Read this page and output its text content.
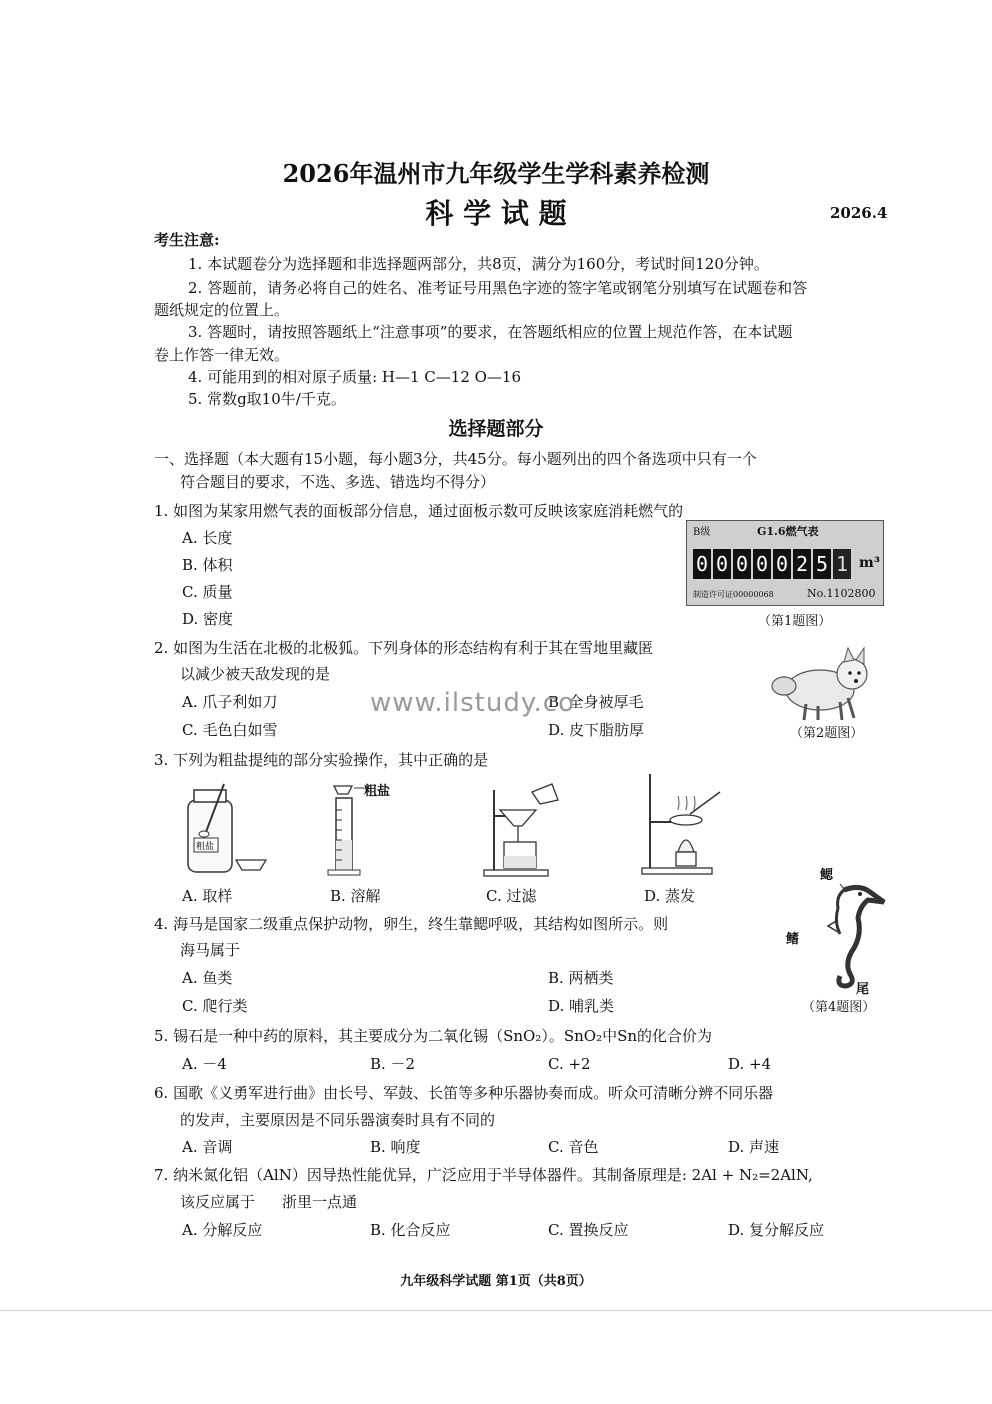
2026年温州市九年级学生学科素养检测
科 学 试 题	2026.4
考生注意:
1. 本试题卷分为选择题和非选择题两部分，共8页，满分为160分，考试时间120分钟。
2. 答题前，请务必将自己的姓名、准考证号用黑色字迹的签字笔或钢笔分别填写在试题卷和答
题纸规定的位置上。
3. 答题时，请按照答题纸上“注意事项”的要求，在答题纸相应的位置上规范作答，在本试题
卷上作答一律无效。
4. 可能用到的相对原子质量: H—1 C—12 O—16
5. 常数g取10牛/千克。
选择题部分
一、选择题（本大题有15小题，每小题3分，共45分。每小题列出的四个备选项中只有一个
符合题目的要求，不选、多选、错选均不得分）
1. 如图为某家用燃气表的面板部分信息，通过面板示数可反映该家庭消耗燃气的
A. 长度
B. 体积
C. 质量
D. 密度
B级	G1.6燃气表
0 0 0 0 0 2 5 1 m³
制造许可证00000068	No.1102800
（第1题图）
2. 如图为生活在北极的北极狐。下列身体的形态结构有利于其在雪地里藏匿
以减少被天敌发现的是
A. 爪子利如刀	B. 全身被厚毛
C. 毛色白如雪	D. 皮下脂肪厚
www.ilstudy.co
（第2题图）
3. 下列为粗盐提纯的部分实验操作，其中正确的是
粗盐
粗盐
A. 取样	B. 溶解	C. 过滤	D. 蒸发
4. 海马是国家二级重点保护动物，卵生，终生靠鳃呼吸，其结构如图所示。则
海马属于
A. 鱼类	B. 两栖类
C. 爬行类	D. 哺乳类
鳃
鳍
尾
（第4题图）
5. 锡石是一种中药的原料，其主要成分为二氧化锡（SnO₂）。SnO₂中Sn的化合价为
A. －4	B. －2	C. +2	D. +4
6. 国歌《义勇军进行曲》由长号、军鼓、长笛等多种乐器协奏而成。听众可清晰分辨不同乐器
的发声，主要原因是不同乐器演奏时具有不同的
A. 音调	B. 响度	C. 音色	D. 声速
7. 纳米氮化铝（AlN）因导热性能优异，广泛应用于半导体器件。其制备原理是: 2Al + N₂=2AlN,
该反应属于 浙里一点通
A. 分解反应	B. 化合反应	C. 置换反应	D. 复分解反应
九年级科学试题 第1页（共8页）
